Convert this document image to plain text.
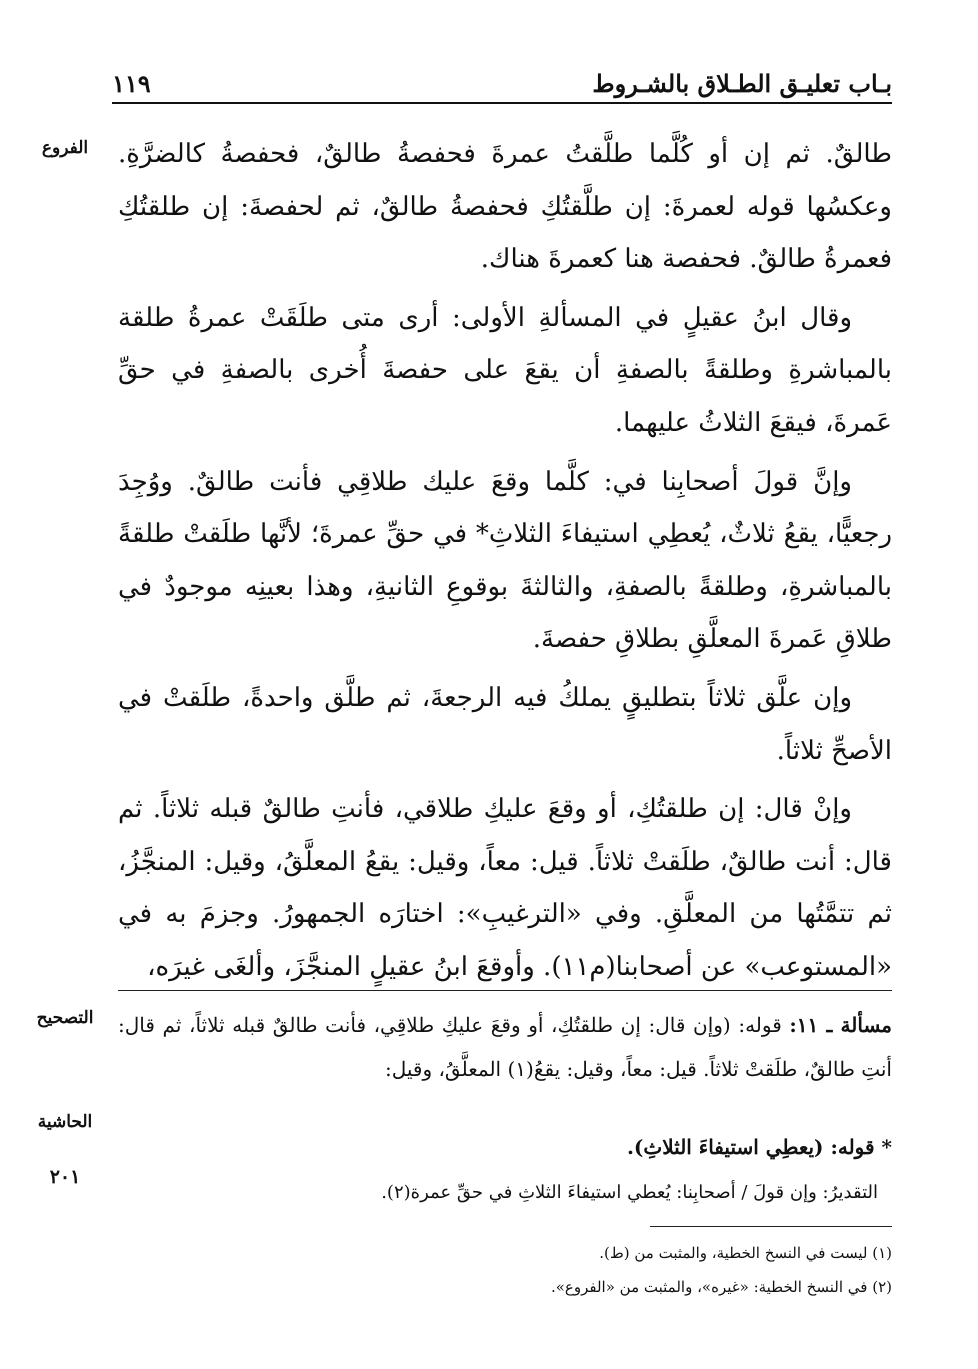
بـاب تعليـق الطـلاق بالشـروط
١١٩
الفروع
التصحيح
الحاشية
٢٠١

طالقٌ. ثم إن أو كُلَّما طلَّقتُ عمرةَ فحفصةُ طالقٌ، فحفصةُ كالضرَّةِ. وعكسُها قوله لعمرةَ: إن طلَّقتُكِ فحفصةُ طالقٌ، ثم لحفصةَ: إن طلقتُكِ فعمرةُ طالقٌ. فحفصة هنا كعمرةَ هناك.

وقال ابنُ عقيلٍ في المسألةِ الأولى: أرى متى طلَقَتْ عمرةُ طلقة بالمباشرةِ وطلقةً بالصفةِ أن يقعَ على حفصةَ أُخرى بالصفةِ في حقِّ عَمرةَ، فيقعَ الثلاثُ عليهما.

وإنَّ قولَ أصحابِنا في: كلَّما وقعَ عليك طلاقِي فأنت طالقٌ. ووُجِدَ رجعيًّا، يقعُ ثلاثٌ، يُعطِي استيفاءَ الثلاثِ* في حقِّ عمرةَ؛ لأنَّها طلَقتْ طلقةً بالمباشرةِ، وطلقةً بالصفةِ، والثالثةَ بوقوعِ الثانيةِ، وهذا بعينِه موجودٌ في طلاقِ عَمرةَ المعلَّقِ بطلاقِ حفصةَ.

وإن علَّق ثلاثاً بتطليقٍ يملكُ فيه الرجعةَ، ثم طلَّق واحدةً، طلَقتْ في الأصحِّ ثلاثاً.

وإنْ قال: إن طلقتُكِ، أو وقعَ عليكِ طلاقي، فأنتِ طالقٌ قبله ثلاثاً. ثم قال: أنت طالقٌ، طلَقتْ ثلاثاً. قيل: معاً، وقيل: يقعُ المعلَّقُ، وقيل: المنجَّزُ، ثم تتمَّتُها من المعلَّقِ. وفي «الترغيبِ»: اختارَه الجمهورُ. وجزمَ به في «المستوعب» عن أصحابنا(م١١). وأوقعَ ابنُ عقيلٍ المنجَّزَ، وألغَى غيرَه،

مسألة ـ ١١: قوله: (وإن قال: إن طلقتُكِ، أو وقعَ عليكِ طلاقِي، فأنت طالقٌ قبله ثلاثاً، ثم قال: أنتِ طالقٌ، طلَقتْ ثلاثاً. قيل: معاً، وقيل: يقعُ(١) المعلَّقُ، وقيل:

* قوله: (يعطِي استيفاءَ الثلاثِ).

التقديرُ: وإن قولَ / أصحابِنا: يُعطي استيفاءَ الثلاثِ في حقِّ عمرة(٢).

(١) ليست في النسخ الخطية، والمثبت من (ط).

(٢) في النسخ الخطية: «غيره»، والمثبت من «الفروع».
